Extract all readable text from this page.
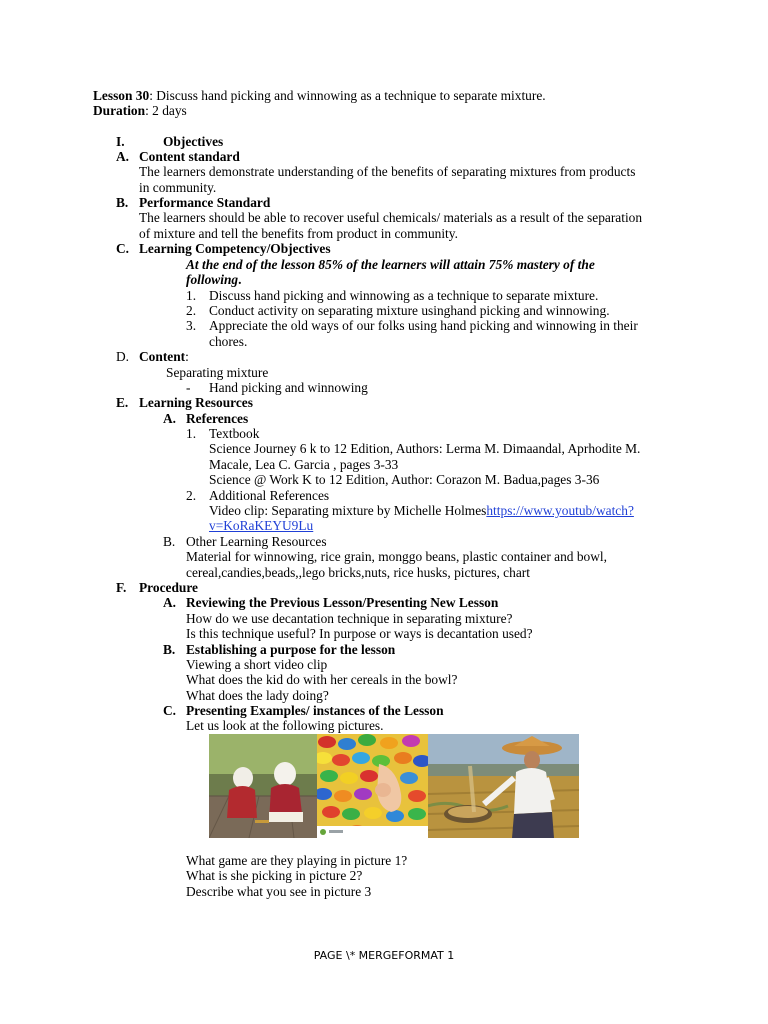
Lesson 30: Discuss hand picking and winnowing as a technique to separate mixture.
Duration: 2 days
I.	Objectives
A. Content standard
The learners demonstrate understanding of the benefits of separating mixtures from products
in community.
B. Performance Standard
The learners should be able to recover useful chemicals/ materials as a result of the separation
of mixture and tell the benefits from product in community.
C. Learning Competency/Objectives
At the end of the lesson 85% of the learners will attain 75% mastery of the
following.
1. Discuss hand picking and winnowing as a technique to separate mixture.
2. Conduct activity on separating mixture usinghand picking and winnowing.
3. Appreciate the old ways of our folks using hand picking and winnowing in their
chores.
D. Content:
Separating mixture
- Hand picking and winnowing
E. Learning Resources
A. References
1. Textbook
Science Journey 6 k to 12 Edition, Authors: Lerma M. Dimaandal, Aprhodite M.
Macale, Lea C. Garcia , pages 3-33
Science @ Work K to 12 Edition, Author: Corazon M. Badua,pages 3-36
2. Additional References
Video clip: Separating mixture by Michelle Holmeshttps://www.youtub/watch?
v=KoRaKEYU9Lu
B. Other Learning Resources
Material for winnowing, rice grain, monggo beans, plastic container and bowl,
cereal,candies,beads,,lego bricks,nuts, rice husks, pictures, chart
F. Procedure
A. Reviewing the Previous Lesson/Presenting New Lesson
How do we use decantation technique in separating mixture?
Is this technique useful? In purpose or ways is decantation used?
B. Establishing a purpose for the lesson
Viewing a short video clip
What does the kid do with her cereals in the bowl?
What does the lady doing?
C. Presenting Examples/ instances of the Lesson
Let us look at the following pictures.
What game are they playing in picture 1?
What is she picking in picture 2?
Describe what you see in picture 3
PAGE \* MERGEFORMAT 1
